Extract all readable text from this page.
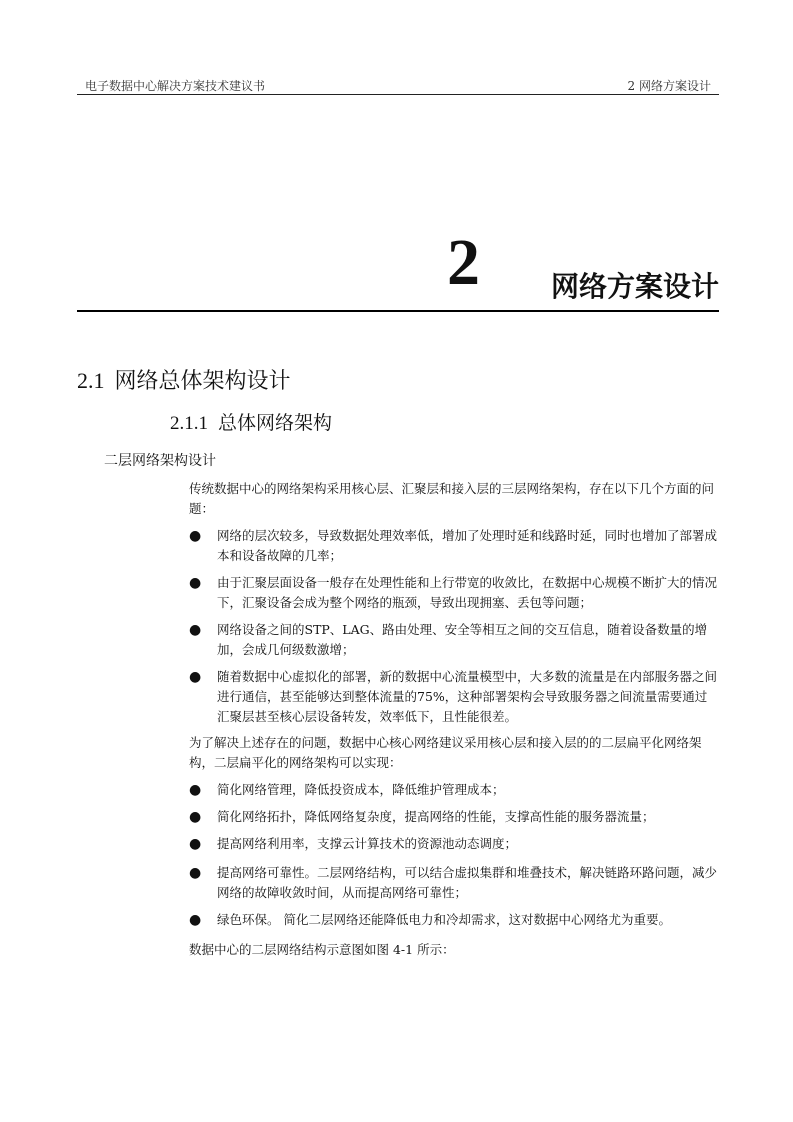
电子数据中心解决方案技术建议书	2 网络方案设计
2	网络方案设计
2.1 网络总体架构设计
2.1.1 总体网络架构
二层网络架构设计
传统数据中心的网络架构采用核心层、汇聚层和接入层的三层网络架构，存在以下几个方面的问题：
● 网络的层次较多，导致数据处理效率低，增加了处理时延和线路时延，同时也增加了部署成本和设备故障的几率；
● 由于汇聚层面设备一般存在处理性能和上行带宽的收敛比，在数据中心规模不断扩大的情况下，汇聚设备会成为整个网络的瓶颈，导致出现拥塞、丢包等问题；
● 网络设备之间的STP、LAG、路由处理、安全等相互之间的交互信息，随着设备数量的增加，会成几何级数激增；
● 随着数据中心虚拟化的部署，新的数据中心流量模型中，大多数的流量是在内部服务器之间进行通信，甚至能够达到整体流量的75%，这种部署架构会导致服务器之间流量需要通过汇聚层甚至核心层设备转发，效率低下，且性能很差。
为了解决上述存在的问题，数据中心核心网络建议采用核心层和接入层的的二层扁平化网络架构，二层扁平化的网络架构可以实现：
● 简化网络管理，降低投资成本，降低维护管理成本；
● 简化网络拓扑，降低网络复杂度，提高网络的性能，支撑高性能的服务器流量；
● 提高网络利用率，支撑云计算技术的资源池动态调度；
● 提高网络可靠性。二层网络结构，可以结合虚拟集群和堆叠技术，解决链路环路问题，减少网络的故障收敛时间，从而提高网络可靠性；
● 绿色环保。 简化二层网络还能降低电力和冷却需求，这对数据中心网络尤为重要。
数据中心的二层网络结构示意图如图 4-1 所示：
